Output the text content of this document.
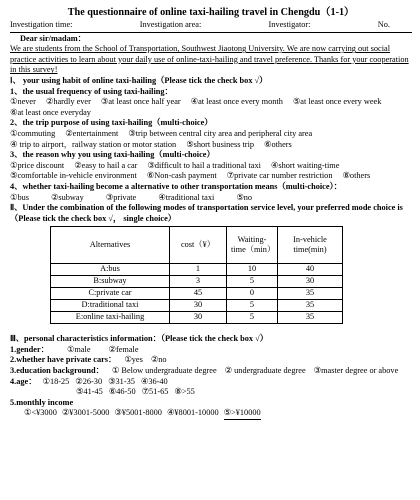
The questionnaire of online taxi-hailing travel in Chengdu（1-1）
Investigation time:	Investigation area:	Investigator:	No.
Dear sir/madam：
We are students from the School of Transportation, Southwest Jiaotong University. We are now carrying out social practice activities to learn about your daily use of online-taxi-hailing and travel preference. Thanks for your cooperation in this survey!
Ⅰ、 your using habit of online taxi-hailing（Please tick the check box √）
1、the usual frequency of using taxi-hailing：
①never ②hardly ever ③at least once half year ④at least once every month ⑤at least once every week
⑥at least once everyday
2、the trip purpose of using taxi-hailing（multi-choice）
①commuting ②entertainment ③trip between central city area and peripheral city area
④ trip to airport，railway station or motor station ⑤short business trip ⑥others
3、the reason why you using taxi-hailing（multi-choice）
①price discount ②easy to hail a car ③difficult to hail a traditional taxi ④short waiting-time
⑤comfortable in-vehicle environment ⑥Non-cash payment ⑦private car number restriction ⑧others
4、whether taxi-hailing become a alternative to other transportation means（multi-choice）：
①bus	②subway	③private	④traditional taxi	⑤no
Ⅱ、Under the combination of the following modes of transportation service level, your preferred mode choice is（Please tick the check box √， single choice）
Alternatives	cost（¥）	Waiting-time（min）	In-vehicle time(min)
A:bus	1	10	40
B:subway	3	5	30
C:private car	45	0	35
D:traditional taxi	30	5	35
E:online taxi-hailing	30	5	35
Ⅲ、personal characteristics information：（Please tick the check box √）
1.gender： ①male ②female
2.whether have private cars： ①yes ②no
3.education background： ① Below undergraduate degree ② undergraduate degree ③master degree or above
4.age： ①18-25 ②26-30 ③31-35 ④36-40
⑤41-45 ⑥46-50 ⑦51-65 ⑧>55
5.monthly income
①<¥3000 ②¥3001-5000 ③¥5001-8000 ④¥8001-10000 ⑤>¥10000
